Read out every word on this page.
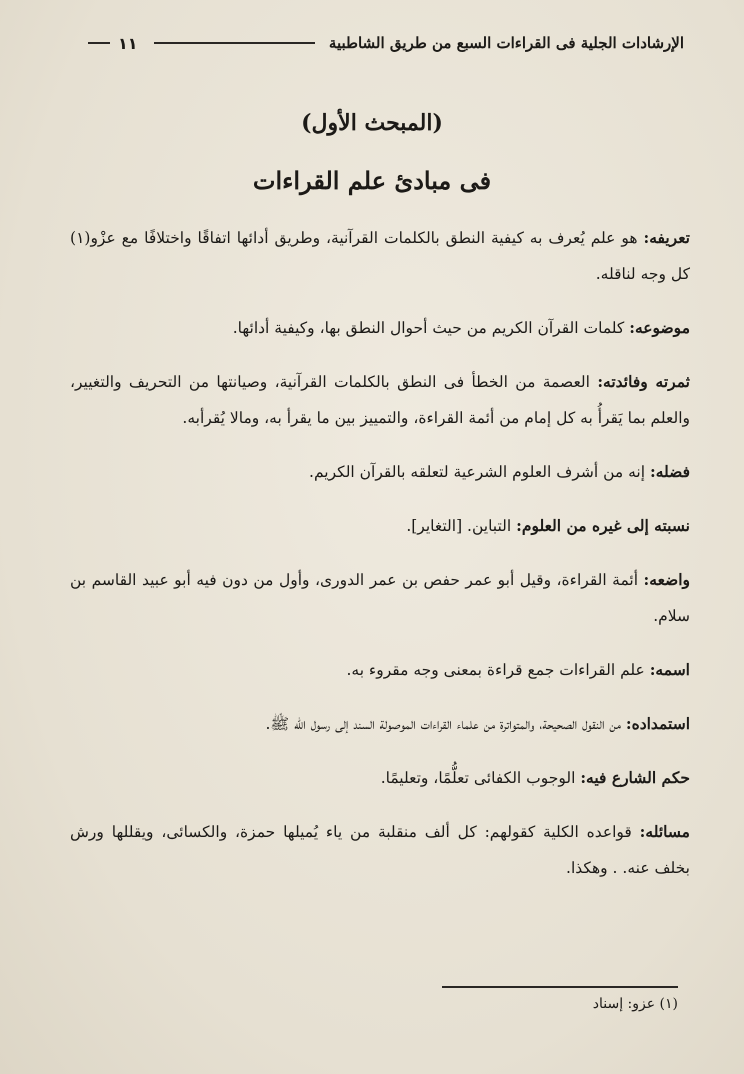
الإرشادات الجلية فى القراءات السبع من طريق الشاطبية
١١
(المبحث الأول)
فى مبادئ علم القراءات

تعريفه: هو علم يُعرف به كيفية النطق بالكلمات القرآنية، وطريق أدائها اتفاقًا واختلافًا مع عزْو(١) كل وجه لناقله.

موضوعه: كلمات القرآن الكريم من حيث أحوال النطق بها، وكيفية أدائها.

ثمرته وفائدته: العصمة من الخطأ فى النطق بالكلمات القرآنية، وصيانتها من التحريف والتغيير، والعلم بما يَقرأُ به كل إمام من أئمة القراءة، والتمييز بين ما يقرأ به، ومالا يُقرأبه.

فضله: إنه من أشرف العلوم الشرعية لتعلقه بالقرآن الكريم.

نسبته إلى غيره من العلوم: التباين. [التغاير].

واضعه: أئمة القراءة، وقيل أبو عمر حفص بن عمر الدورى، وأول من دون فيه أبو عبيد القاسم بن سلام.

اسمه: علم القراءات جمع قراءة بمعنى وجه مقروء به.

استمداده: من النقول الصحيحة، والمتواترة من علماء القراءات الموصولة السند إلى رسول الله ﷺ.

حكم الشارع فيه: الوجوب الكفائى تعلُّمًا، وتعليمًا.

مسائله: قواعده الكلية كقولهم: كل ألف منقلبة من ياء يُميلها حمزة، والكسائى، ويقللها ورش بخلف عنه. . وهكذا.

(١) عزو: إسناد
